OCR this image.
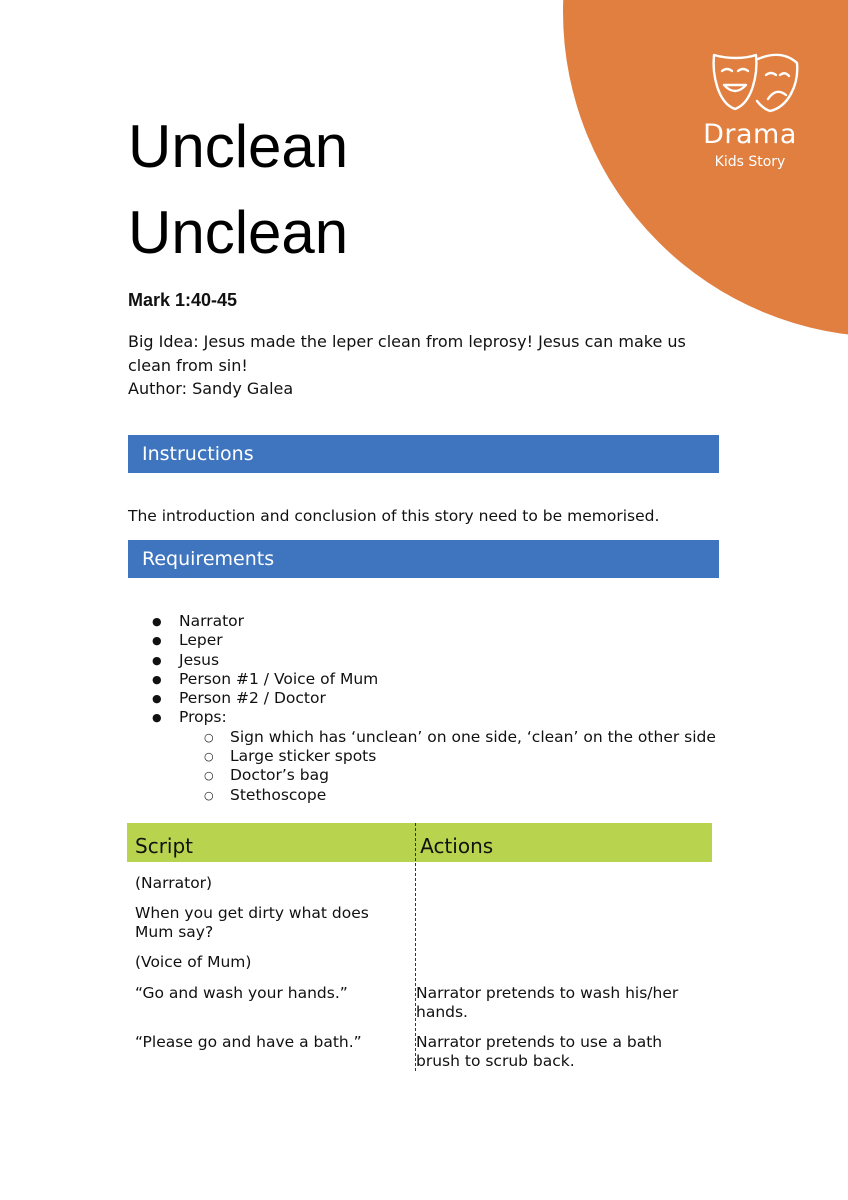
Drama
Kids Story
Unclean
Unclean

Mark 1:40-45

Big Idea: Jesus made the leper clean from leprosy! Jesus can make us clean from sin!
Author: Sandy Galea

Instructions

The introduction and conclusion of this story need to be memorised.

Requirements
● Narrator
● Leper
● Jesus
● Person #1 / Voice of Mum
● Person #2 / Doctor
● Props:
○ Sign which has ‘unclean’ on one side, ‘clean’ on the other side
○ Large sticker spots
○ Doctor’s bag
○ Stethoscope
Script	Actions
(Narrator)
When you get dirty what does Mum say?
(Voice of Mum)
“Go and wash your hands.”	Narrator pretends to wash his/her hands.
“Please go and have a bath.”	Narrator pretends to use a bath brush to scrub back.
